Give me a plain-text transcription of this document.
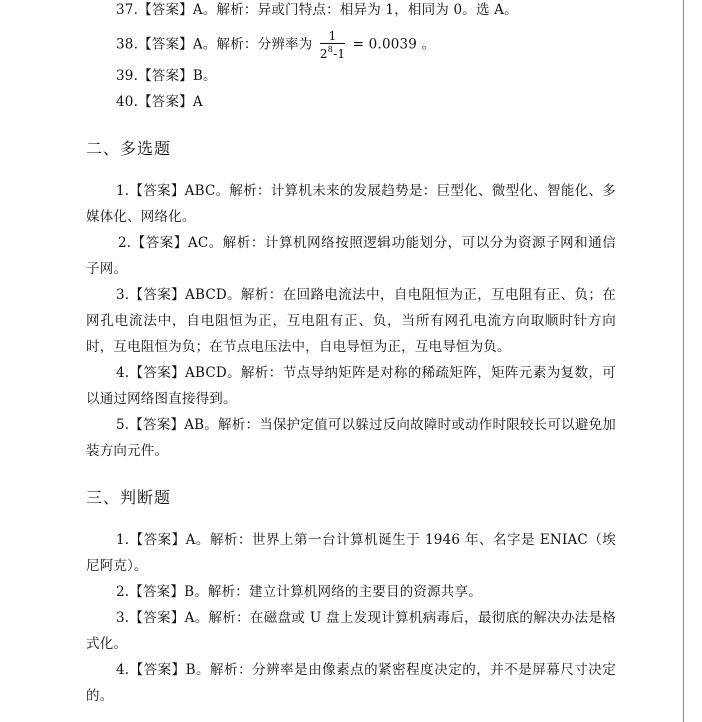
37.【答案】A。解析：异或门特点：相异为 1，相同为 0。选 A。
38.【答案】A。解析：分辨率为 $\frac{1}{2^8-1} = 0.0039$ 。
39.【答案】B。
40.【答案】A
二、多选题
1.【答案】ABC。解析：计算机未来的发展趋势是：巨型化、微型化、智能化、多媒体化、网络化。
2.【答案】AC。解析：计算机网络按照逻辑功能划分，可以分为资源子网和通信子网。
3.【答案】ABCD。解析：在回路电流法中，自电阻恒为正，互电阻有正、负；在网孔电流法中，自电阻恒为正，互电阻有正、负，当所有网孔电流方向取顺时针方向时，互电阻恒为负；在节点电压法中，自电导恒为正，互电导恒为负。
4.【答案】ABCD。解析：节点导纳矩阵是对称的稀疏矩阵，矩阵元素为复数，可以通过网络图直接得到。
5.【答案】AB。解析：当保护定值可以躲过反向故障时或动作时限较长可以避免加装方向元件。
三、判断题
1.【答案】A。解析：世界上第一台计算机诞生于 1946 年、名字是 ENIAC（埃尼阿克）。
2.【答案】B。解析：建立计算机网络的主要目的资源共享。
3.【答案】A。解析：在磁盘或 U 盘上发现计算机病毒后，最彻底的解决办法是格式化。
4.【答案】B。解析：分辨率是由像素点的紧密程度决定的，并不是屏幕尺寸决定的。
